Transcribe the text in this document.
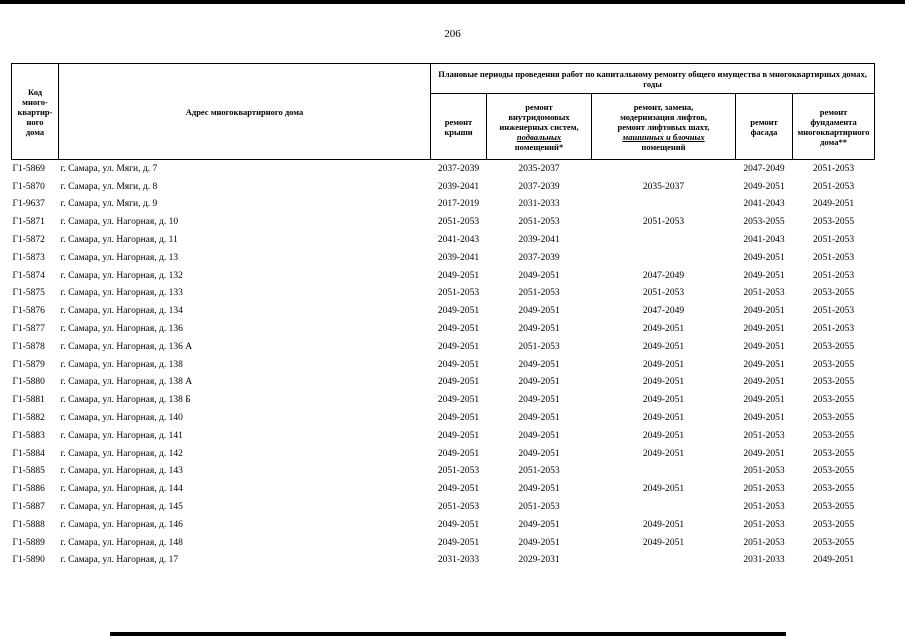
206
Код
много-
квартир-
ного
дома	Адрес многоквартирного дома	Плановые периоды проведения работ по капитальному ремонту общего имущества в многоквартирных домах, годы				
		ремонт
крыши	ремонт
внутридомовых
инженерных систем,
подвальных
помещений*	ремонт, замена,
модернизация лифтов,
ремонт лифтовых шахт,
машинных и блочных
помещений	ремонт
фасада	ремонт
фундамента
многоквартирного
дома**
Г1-5869	г. Самара, ул. Мяги, д. 7	2037-2039	2035-2037		2047-2049	2051-2053
Г1-5870	г. Самара, ул. Мяги, д. 8	2039-2041	2037-2039	2035-2037	2049-2051	2051-2053
Г1-9637	г. Самара, ул. Мяги, д. 9	2017-2019	2031-2033		2041-2043	2049-2051
Г1-5871	г. Самара, ул. Нагорная, д. 10	2051-2053	2051-2053	2051-2053	2053-2055	2053-2055
Г1-5872	г. Самара, ул. Нагорная, д. 11	2041-2043	2039-2041		2041-2043	2051-2053
Г1-5873	г. Самара, ул. Нагорная, д. 13	2039-2041	2037-2039		2049-2051	2051-2053
Г1-5874	г. Самара, ул. Нагорная, д. 132	2049-2051	2049-2051	2047-2049	2049-2051	2051-2053
Г1-5875	г. Самара, ул. Нагорная, д. 133	2051-2053	2051-2053	2051-2053	2051-2053	2053-2055
Г1-5876	г. Самара, ул. Нагорная, д. 134	2049-2051	2049-2051	2047-2049	2049-2051	2051-2053
Г1-5877	г. Самара, ул. Нагорная, д. 136	2049-2051	2049-2051	2049-2051	2049-2051	2051-2053
Г1-5878	г. Самара, ул. Нагорная, д. 136 А	2049-2051	2051-2053	2049-2051	2049-2051	2053-2055
Г1-5879	г. Самара, ул. Нагорная, д. 138	2049-2051	2049-2051	2049-2051	2049-2051	2053-2055
Г1-5880	г. Самара, ул. Нагорная, д. 138 А	2049-2051	2049-2051	2049-2051	2049-2051	2053-2055
Г1-5881	г. Самара, ул. Нагорная, д. 138 Б	2049-2051	2049-2051	2049-2051	2049-2051	2053-2055
Г1-5882	г. Самара, ул. Нагорная, д. 140	2049-2051	2049-2051	2049-2051	2049-2051	2053-2055
Г1-5883	г. Самара, ул. Нагорная, д. 141	2049-2051	2049-2051	2049-2051	2051-2053	2053-2055
Г1-5884	г. Самара, ул. Нагорная, д. 142	2049-2051	2049-2051	2049-2051	2049-2051	2053-2055
Г1-5885	г. Самара, ул. Нагорная, д. 143	2051-2053	2051-2053		2051-2053	2053-2055
Г1-5886	г. Самара, ул. Нагорная, д. 144	2049-2051	2049-2051	2049-2051	2051-2053	2053-2055
Г1-5887	г. Самара, ул. Нагорная, д. 145	2051-2053	2051-2053		2051-2053	2053-2055
Г1-5888	г. Самара, ул. Нагорная, д. 146	2049-2051	2049-2051	2049-2051	2051-2053	2053-2055
Г1-5889	г. Самара, ул. Нагорная, д. 148	2049-2051	2049-2051	2049-2051	2051-2053	2053-2055
Г1-5890	г. Самара, ул. Нагорная, д. 17	2031-2033	2029-2031		2031-2033	2049-2051
